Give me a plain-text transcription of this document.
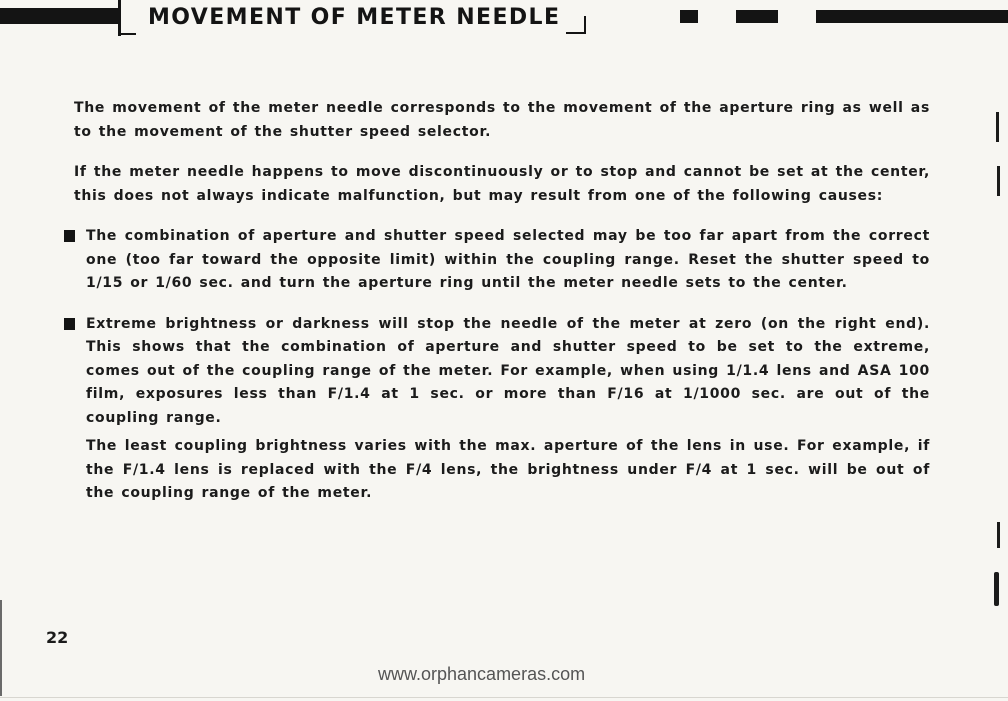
MOVEMENT OF METER NEEDLE

The movement of the meter needle corresponds to the movement of the aperture ring as well as to the movement of the shutter speed selector.

If the meter needle happens to move discontinuously or to stop and cannot be set at the center, this does not always indicate malfunction, but may result from one of the following causes:

The combination of aperture and shutter speed selected may be too far apart from the correct one (too far toward the opposite limit) within the coupling range. Reset the shutter speed to 1/15 or 1/60 sec. and turn the aperture ring until the meter needle sets to the center.

Extreme brightness or darkness will stop the needle of the meter at zero (on the right end). This shows that the combination of aperture and shutter speed to be set to the extreme, comes out of the coupling range of the meter. For example, when using 1/1.4 lens and ASA 100 film, exposures less than F/1.4 at 1 sec. or more than F/16 at 1/1000 sec. are out of the coupling range.

The least coupling brightness varies with the max. aperture of the lens in use. For example, if the F/1.4 lens is replaced with the F/4 lens, the brightness under F/4 at 1 sec. will be out of the coupling range of the meter.

22
www.orphancameras.com
